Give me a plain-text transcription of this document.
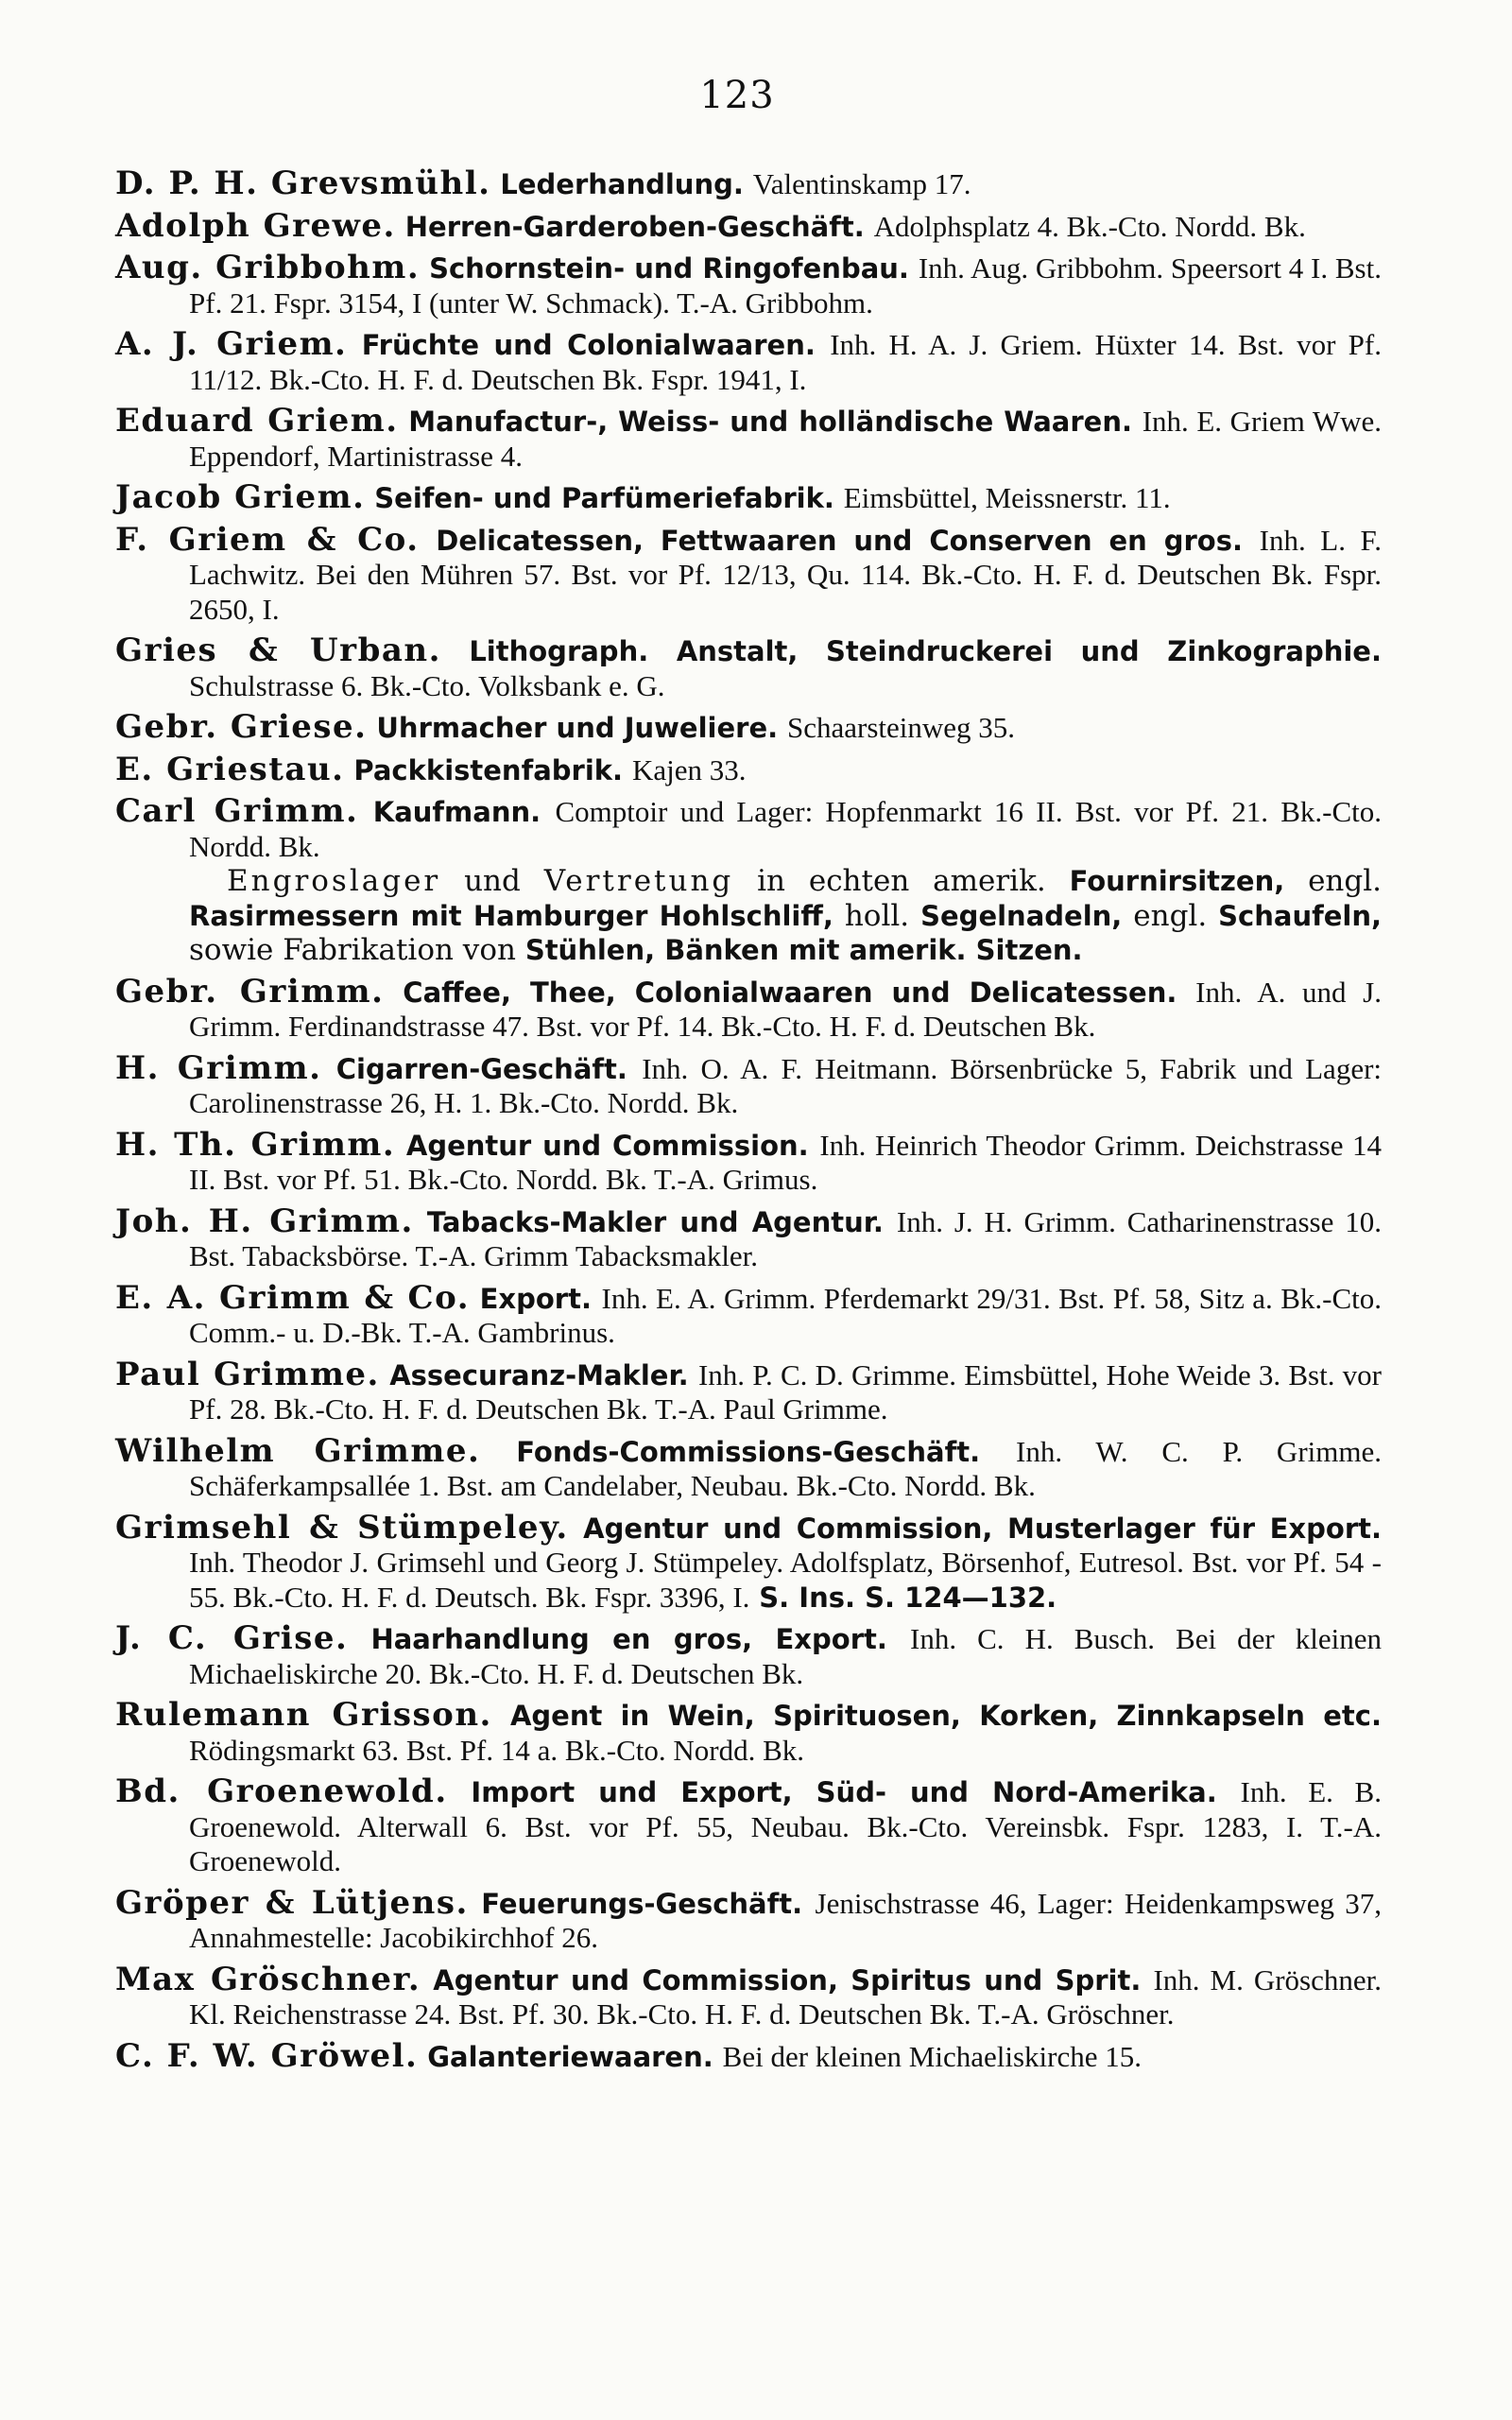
123
D. P. H. Grevsmühl. Lederhandlung. Valentinskamp 17.
Adolph Grewe. Herren-Garderoben-Geschäft. Adolphsplatz 4. Bk.-Cto. Nordd. Bk.
Aug. Gribbohm. Schornstein- und Ringofenbau. Inh. Aug. Gribbohm. Speersort 4 I. Bst. Pf. 21. Fspr. 3154, I (unter W. Schmack). T.-A. Gribbohm.
A. J. Griem. Früchte und Colonialwaaren. Inh. H. A. J. Griem. Hüxter 14. Bst. vor Pf. 11/12. Bk.-Cto. H. F. d. Deutschen Bk. Fspr. 1941, I.
Eduard Griem. Manufactur-, Weiss- und holländische Waaren. Inh. E. Griem Wwe. Eppendorf, Martinistrasse 4.
Jacob Griem. Seifen- und Parfümeriefabrik. Eimsbüttel, Meissnerstr. 11.
F. Griem & Co. Delicatessen, Fettwaaren und Conserven en gros. Inh. L. F. Lachwitz. Bei den Mühren 57. Bst. vor Pf. 12/13, Qu. 114. Bk.-Cto. H. F. d. Deutschen Bk. Fspr. 2650, I.
Gries & Urban. Lithograph. Anstalt, Steindruckerei und Zinkographie. Schulstrasse 6. Bk.-Cto. Volksbank e. G.
Gebr. Griese. Uhrmacher und Juweliere. Schaarsteinweg 35.
E. Griestau. Packkistenfabrik. Kajen 33.
Carl Grimm. Kaufmann. Comptoir und Lager: Hopfenmarkt 16 II. Bst. vor Pf. 21. Bk.-Cto. Nordd. Bk.
Engroslager und Vertretung in echten amerik. Fournirsitzen, engl. Rasirmessern mit Hamburger Hohlschliff, holl. Segelnadeln, engl. Schaufeln, sowie Fabrikation von Stühlen, Bänken mit amerik. Sitzen.
Gebr. Grimm. Caffee, Thee, Colonialwaaren und Delicatessen. Inh. A. und J. Grimm. Ferdinandstrasse 47. Bst. vor Pf. 14. Bk.-Cto. H. F. d. Deutschen Bk.
H. Grimm. Cigarren-Geschäft. Inh. O. A. F. Heitmann. Börsenbrücke 5, Fabrik und Lager: Carolinenstrasse 26, H. 1. Bk.-Cto. Nordd. Bk.
H. Th. Grimm. Agentur und Commission. Inh. Heinrich Theodor Grimm. Deichstrasse 14 II. Bst. vor Pf. 51. Bk.-Cto. Nordd. Bk. T.-A. Grimus.
Joh. H. Grimm. Tabacks-Makler und Agentur. Inh. J. H. Grimm. Catharinenstrasse 10. Bst. Tabacksbörse. T.-A. Grimm Tabacksmakler.
E. A. Grimm & Co. Export. Inh. E. A. Grimm. Pferdemarkt 29/31. Bst. Pf. 58, Sitz a. Bk.-Cto. Comm.- u. D.-Bk. T.-A. Gambrinus.
Paul Grimme. Assecuranz-Makler. Inh. P. C. D. Grimme. Eimsbüttel, Hohe Weide 3. Bst. vor Pf. 28. Bk.-Cto. H. F. d. Deutschen Bk. T.-A. Paul Grimme.
Wilhelm Grimme. Fonds-Commissions-Geschäft. Inh. W. C. P. Grimme. Schäferkampsallée 1. Bst. am Candelaber, Neubau. Bk.-Cto. Nordd. Bk.
Grimsehl & Stümpeley. Agentur und Commission, Musterlager für Export. Inh. Theodor J. Grimsehl und Georg J. Stümpeley. Adolfsplatz, Börsenhof, Eutresol. Bst. vor Pf. 54 - 55. Bk.-Cto. H. F. d. Deutsch. Bk. Fspr. 3396, I. S. Ins. S. 124—132.
J. C. Grise. Haarhandlung en gros, Export. Inh. C. H. Busch. Bei der kleinen Michaeliskirche 20. Bk.-Cto. H. F. d. Deutschen Bk.
Rulemann Grisson. Agent in Wein, Spirituosen, Korken, Zinnkapseln etc. Rödingsmarkt 63. Bst. Pf. 14 a. Bk.-Cto. Nordd. Bk.
Bd. Groenewold. Import und Export, Süd- und Nord-Amerika. Inh. E. B. Groenewold. Alterwall 6. Bst. vor Pf. 55, Neubau. Bk.-Cto. Vereinsbk. Fspr. 1283, I. T.-A. Groenewold.
Gröper & Lütjens. Feuerungs-Geschäft. Jenischstrasse 46, Lager: Heidenkampsweg 37, Annahmestelle: Jacobikirchhof 26.
Max Gröschner. Agentur und Commission, Spiritus und Sprit. Inh. M. Gröschner. Kl. Reichenstrasse 24. Bst. Pf. 30. Bk.-Cto. H. F. d. Deutschen Bk. T.-A. Gröschner.
C. F. W. Gröwel. Galanteriewaaren. Bei der kleinen Michaeliskirche 15.
